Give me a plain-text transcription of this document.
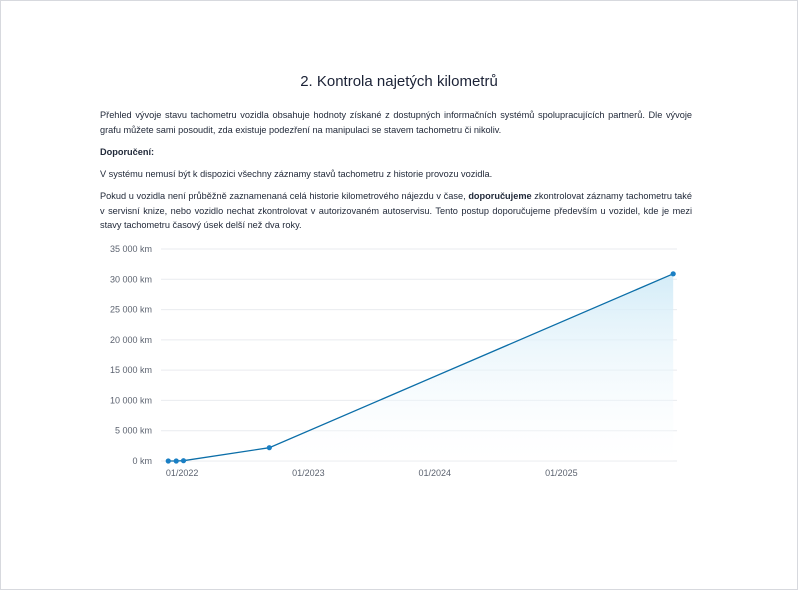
2. Kontrola najetých kilometrů
Přehled vývoje stavu tachometru vozidla obsahuje hodnoty získané z dostupných informačních systémů spolupracujících partnerů. Dle vývoje grafu můžete sami posoudit, zda existuje podezření na manipulaci se stavem tachometru či nikoliv.
Doporučení:
V systému nemusí být k dispozici všechny záznamy stavů tachometru z historie provozu vozidla.
Pokud u vozidla není průběžně zaznamenaná celá historie kilometrového nájezdu v čase, doporučujeme zkontrolovat záznamy tachometru také v servisní knize, nebo vozidlo nechat zkontrolovat v autorizovaném autoservisu. Tento postup doporučujeme především u vozidel, kde je mezi stavy tachometru časový úsek delší než dva roky.
0 km
5 000 km
10 000 km
15 000 km
20 000 km
25 000 km
30 000 km
35 000 km
01/2022	01/2023	01/2024	01/2025
